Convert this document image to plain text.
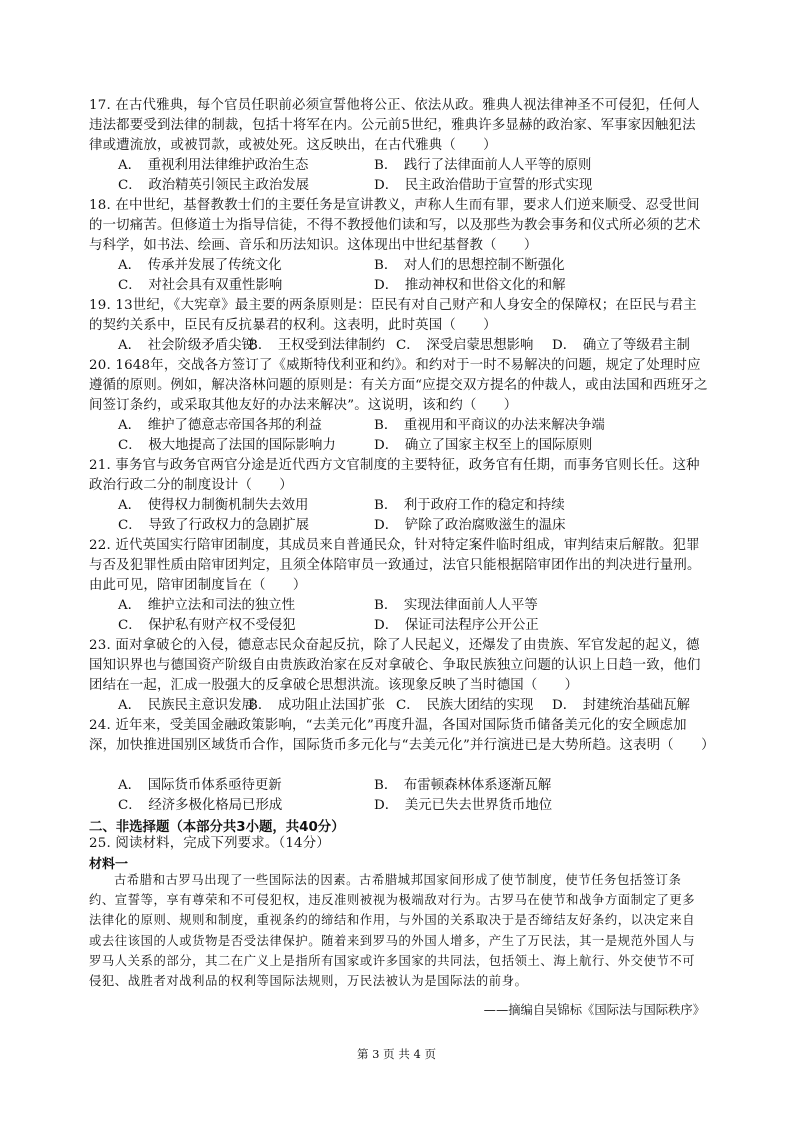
17. 在古代雅典，每个官员任职前必须宣誓他将公正、依法从政。雅典人视法律神圣不可侵犯，任何人违法都要受到法律的制裁，包括十将军在内。公元前5世纪，雅典许多显赫的政治家、军事家因触犯法律或遭流放，或被罚款，或被处死。这反映出，在古代雅典（　　）
A．　重视利用法律维护政治生态	B．　践行了法律面前人人平等的原则
C．　政治精英引领民主政治发展	D．　民主政治借助于宣誓的形式实现
18. 在中世纪，基督教教士们的主要任务是宣讲教义，声称人生而有罪，要求人们逆来顺受、忍受世间的一切痛苦。但修道士为指导信徒，不得不教授他们读和写，以及那些为教会事务和仪式所必须的艺术与科学，如书法、绘画、音乐和历法知识。这体现出中世纪基督教（　　）
A．　传承并发展了传统文化	B．　对人们的思想控制不断强化
C．　对社会具有双重性影响	D．　推动神权和世俗文化的和解
19. 13世纪，《大宪章》最主要的两条原则是：臣民有对自己财产和人身安全的保障权；在臣民与君主的契约关系中，臣民有反抗暴君的权利。这表明，此时英国（　　）
A．　社会阶级矛盾尖锐
B．　王权受到法律制约 C．　深受启蒙思想影响 D．　确立了等级君主制
20. 1648年，交战各方签订了《威斯特伐利亚和约》。和约对于一时不易解决的问题，规定了处理时应遵循的原则。例如，解决洛林问题的原则是：有关方面“应提交双方提名的仲裁人，或由法国和西班牙之间签订条约，或采取其他友好的办法来解决”。这说明，该和约（　　）
A．　维护了德意志帝国各邦的利益	B．　重视用和平商议的办法来解决争端
C．　极大地提高了法国的国际影响力	D．　确立了国家主权至上的国际原则
21. 事务官与政务官两官分途是近代西方文官制度的主要特征，政务官有任期，而事务官则长任。这种政治行政二分的制度设计（　　）
A．　使得权力制衡机制失去效用	B．　利于政府工作的稳定和持续
C．　导致了行政权力的急剧扩展	D．　铲除了政治腐败滋生的温床
22. 近代英国实行陪审团制度，其成员来自普通民众，针对特定案件临时组成，审判结束后解散。犯罪与否及犯罪性质由陪审团判定，且须全体陪审员一致通过，法官只能根据陪审团作出的判决进行量刑。由此可见，陪审团制度旨在（　　）
A．　维护立法和司法的独立性	B．　实现法律面前人人平等
C．　保护私有财产权不受侵犯	D．　保证司法程序公开公正
23. 面对拿破仑的入侵，德意志民众奋起反抗，除了人民起义，还爆发了由贵族、军官发起的起义，德国知识界也与德国资产阶级自由贵族政治家在反对拿破仑、争取民族独立问题的认识上日趋一致，他们团结在一起，汇成一股强大的反拿破仑思想洪流。该现象反映了当时德国（　　）
A．　民族民主意识发展
B．　成功阻止法国扩张 C．　民族大团结的实现 D．　封建统治基础瓦解
24. 近年来，受美国金融政策影响，“去美元化”再度升温，各国对国际货币储备美元化的安全顾虑加深，加快推进国别区域货币合作，国际货币多元化与“去美元化”并行演进已是大势所趋。这表明（　　）
A．　国际货币体系亟待更新	B．　布雷顿森林体系逐渐瓦解
C．　经济多极化格局已形成	D．　美元已失去世界货币地位
二、非选择题（本部分共3小题，共40分）
25. 阅读材料，完成下列要求。（14分）
材料一
古希腊和古罗马出现了一些国际法的因素。古希腊城邦国家间形成了使节制度，使节任务包括签订条约、宣誓等，享有尊荣和不可侵犯权，违反准则被视为极端敌对行为。古罗马在使节和战争方面制定了更多法律化的原则、规则和制度，重视条约的缔结和作用，与外国的关系取决于是否缔结友好条约，以决定来自或去往该国的人或货物是否受法律保护。随着来到罗马的外国人增多，产生了万民法，其一是规范外国人与罗马人关系的部分，其二在广义上是指所有国家或许多国家的共同法，包括领土、海上航行、外交使节不可侵犯、战胜者对战利品的权利等国际法规则，万民法被认为是国际法的前身。
——摘编自吴锦标《国际法与国际秩序》
第 3 页 共 4 页
